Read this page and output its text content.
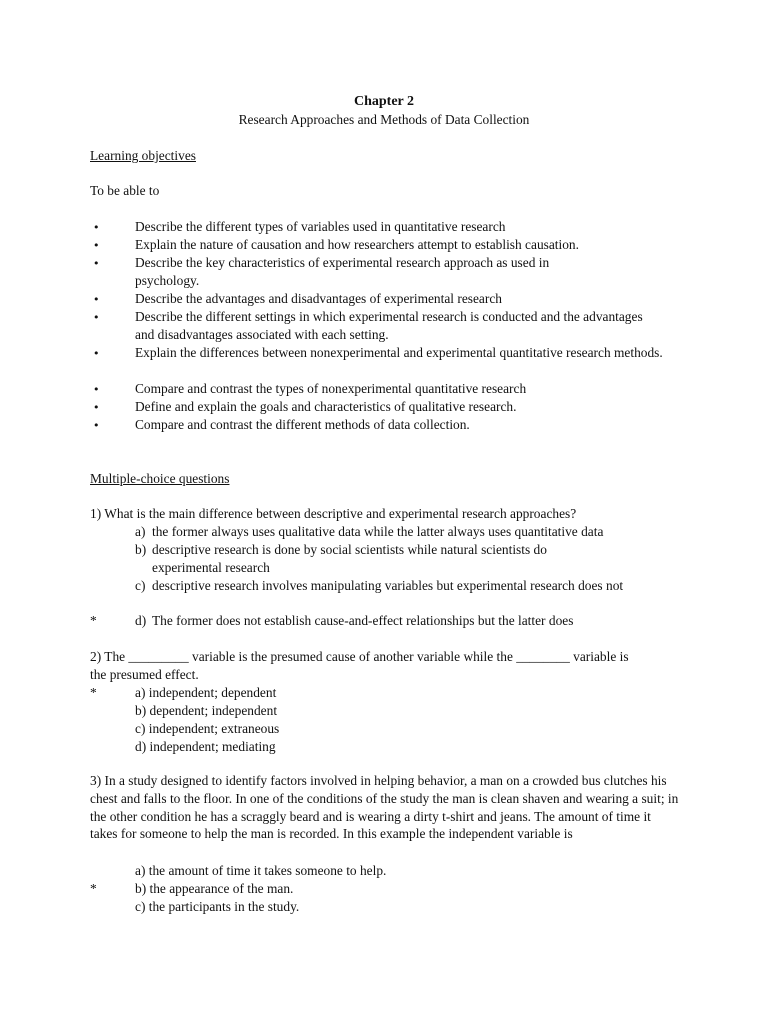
Chapter 2
Research Approaches and Methods of Data Collection
Learning objectives
To be able to
•	Describe the different types of variables used in quantitative research
•	Explain the nature of causation and how researchers attempt to establish causation.
•	Describe the key characteristics of experimental research approach as used in psychology.
•	Describe the advantages and disadvantages of experimental research
•	Describe the different settings in which experimental research is conducted and the advantages and disadvantages associated with each setting.
•	Explain the differences between nonexperimental and experimental quantitative research methods.
•	Compare and contrast the types of nonexperimental quantitative research
•	Define and explain the goals and characteristics of qualitative research.
•	Compare and contrast the different methods of data collection.
Multiple-choice questions
1) What is the main difference between descriptive and experimental research approaches?
a) the former always uses qualitative data while the latter always uses quantitative data
b) descriptive research is done by social scientists while natural scientists do experimental research
c) descriptive research involves manipulating variables but experimental research does not
*	d) The former does not establish cause-and-effect relationships but the latter does
2) The _________ variable is the presumed cause of another variable while the ________ variable is the presumed effect.
*	a) independent; dependent
b) dependent; independent
c) independent; extraneous
d) independent; mediating
3) In a study designed to identify factors involved in helping behavior, a man on a crowded bus clutches his chest and falls to the floor. In one of the conditions of the study the man is clean shaven and wearing a suit; in the other condition he has a scraggly beard and is wearing a dirty t-shirt and jeans. The amount of time it takes for someone to help the man is recorded. In this example the independent variable is
a) the amount of time it takes someone to help.
*	b) the appearance of the man.
c) the participants in the study.
